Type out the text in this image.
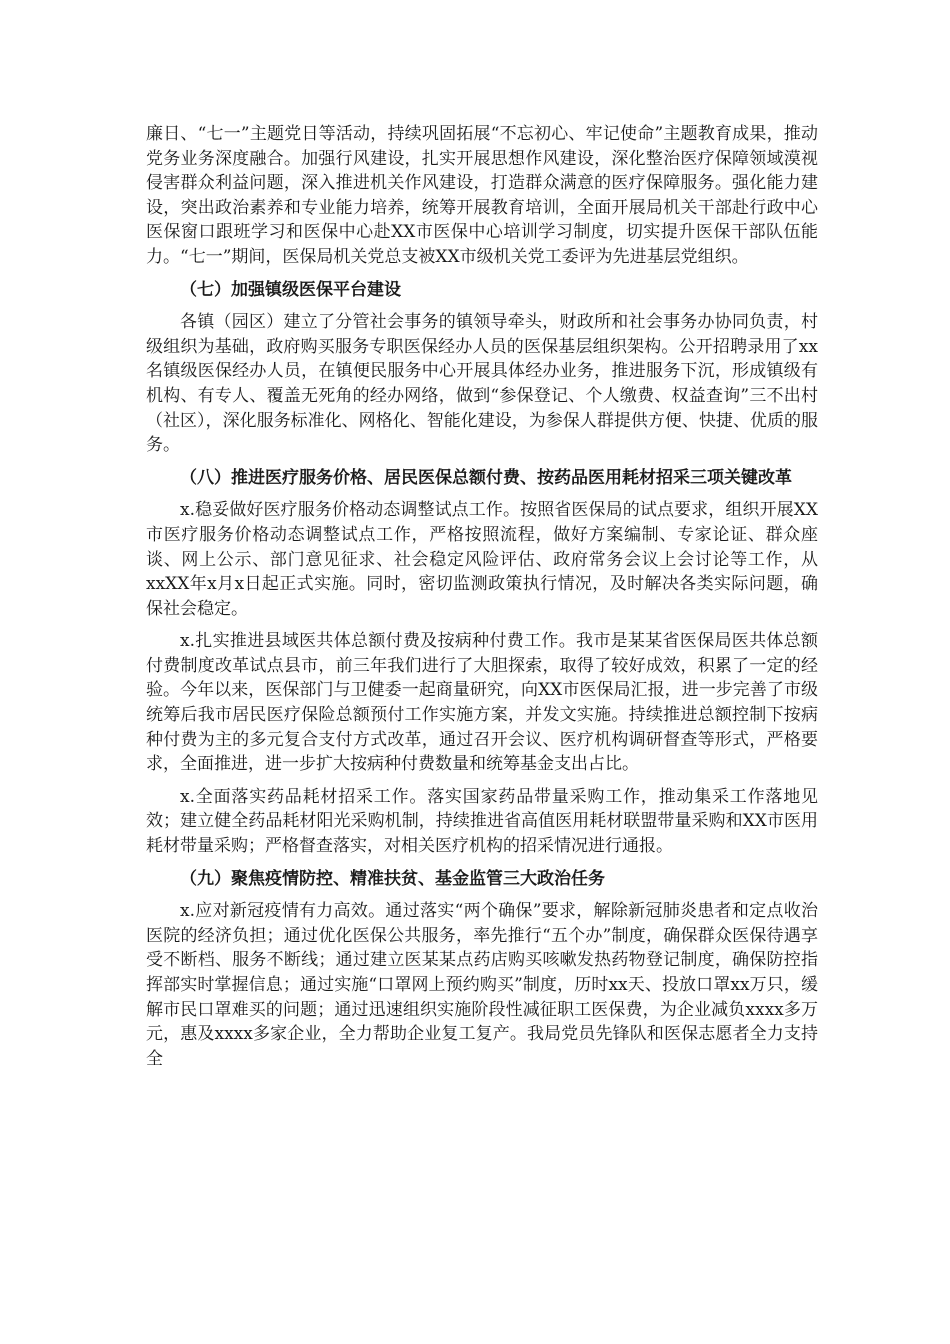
廉日、“七一”主题党日等活动，持续巩固拓展“不忘初心、牢记使命”主题教育成果，推动党务业务深度融合。加强行风建设，扎实开展思想作风建设，深化整治医疗保障领域漠视侵害群众利益问题，深入推进机关作风建设，打造群众满意的医疗保障服务。强化能力建设，突出政治素养和专业能力培养，统筹开展教育培训，全面开展局机关干部赴行政中心医保窗口跟班学习和医保中心赴XX市医保中心培训学习制度，切实提升医保干部队伍能力。“七一”期间，医保局机关党总支被XX市级机关党工委评为先进基层党组织。

（七）加强镇级医保平台建设

各镇（园区）建立了分管社会事务的镇领导牵头，财政所和社会事务办协同负责，村级组织为基础，政府购买服务专职医保经办人员的医保基层组织架构。公开招聘录用了xx名镇级医保经办人员，在镇便民服务中心开展具体经办业务，推进服务下沉，形成镇级有机构、有专人、覆盖无死角的经办网络，做到“参保登记、个人缴费、权益查询”三不出村（社区），深化服务标准化、网格化、智能化建设，为参保人群提供方便、快捷、优质的服务。

（八）推进医疗服务价格、居民医保总额付费、按药品医用耗材招采三项关键改革

x.稳妥做好医疗服务价格动态调整试点工作。按照省医保局的试点要求，组织开展XX市医疗服务价格动态调整试点工作，严格按照流程，做好方案编制、专家论证、群众座谈、网上公示、部门意见征求、社会稳定风险评估、政府常务会议上会讨论等工作，从xxXX年x月x日起正式实施。同时，密切监测政策执行情况，及时解决各类实际问题，确保社会稳定。

x.扎实推进县域医共体总额付费及按病种付费工作。我市是某某省医保局医共体总额付费制度改革试点县市，前三年我们进行了大胆探索，取得了较好成效，积累了一定的经验。今年以来，医保部门与卫健委一起商量研究，向XX市医保局汇报，进一步完善了市级统筹后我市居民医疗保险总额预付工作实施方案，并发文实施。持续推进总额控制下按病种付费为主的多元复合支付方式改革，通过召开会议、医疗机构调研督查等形式，严格要求，全面推进，进一步扩大按病种付费数量和统筹基金支出占比。

x.全面落实药品耗材招采工作。落实国家药品带量采购工作，推动集采工作落地见效；建立健全药品耗材阳光采购机制，持续推进省高值医用耗材联盟带量采购和XX市医用耗材带量采购；严格督查落实，对相关医疗机构的招采情况进行通报。

（九）聚焦疫情防控、精准扶贫、基金监管三大政治任务

x.应对新冠疫情有力高效。通过落实“两个确保”要求，解除新冠肺炎患者和定点收治医院的经济负担；通过优化医保公共服务，率先推行“五个办”制度，确保群众医保待遇享受不断档、服务不断线；通过建立医某某点药店购买咳嗽发热药物登记制度，确保防控指挥部实时掌握信息；通过实施“口罩网上预约购买”制度，历时xx天、投放口罩xx万只，缓解市民口罩难买的问题；通过迅速组织实施阶段性减征职工医保费，为企业减负xxxx多万元，惠及xxxx多家企业，全力帮助企业复工复产。我局党员先锋队和医保志愿者全力支持全
